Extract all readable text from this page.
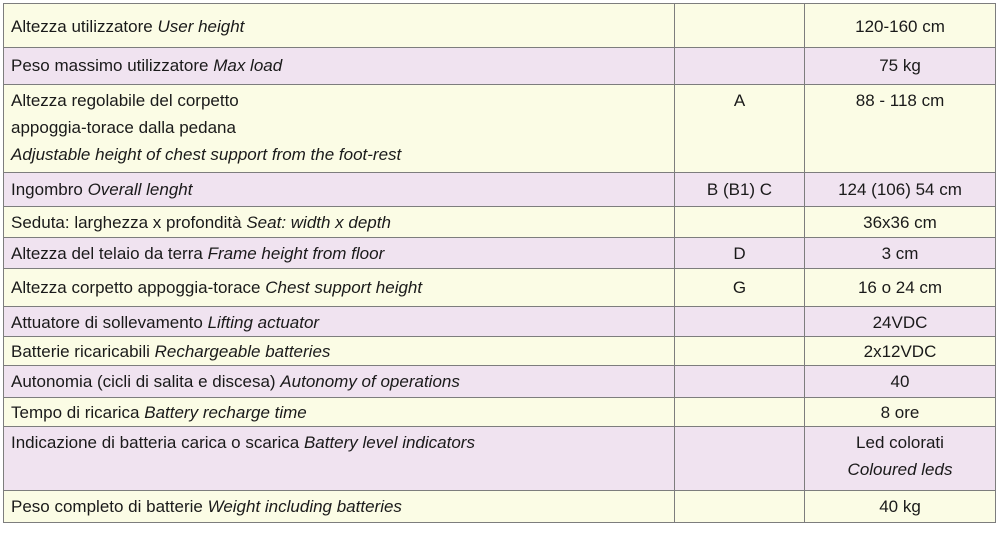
Altezza utilizzatore User height		120-160 cm
Peso massimo utilizzatore Max load		75 kg

Altezza regolabile del corpetto
appoggia-torace dalla pedana
Adjustable height of chest support from the foot-rest	A	88 - 118 cm
Ingombro Overall lenght	B (B1) C	124 (106) 54 cm
Seduta: larghezza x profondità Seat: width x depth		36x36 cm
Altezza del telaio da terra Frame height from floor	D	3 cm
Altezza corpetto appoggia-torace Chest support height	G	16 o 24 cm
Attuatore di sollevamento Lifting actuator		24VDC
Batterie ricaricabili Rechargeable batteries		2x12VDC
Autonomia (cicli di salita e discesa) Autonomy of operations		40
Tempo di ricarica Battery recharge time		8 ore
Indicazione di batteria carica o scarica Battery level indicators		Led colorati
Coloured leds

Peso completo di batterie Weight including batteries		40 kg
